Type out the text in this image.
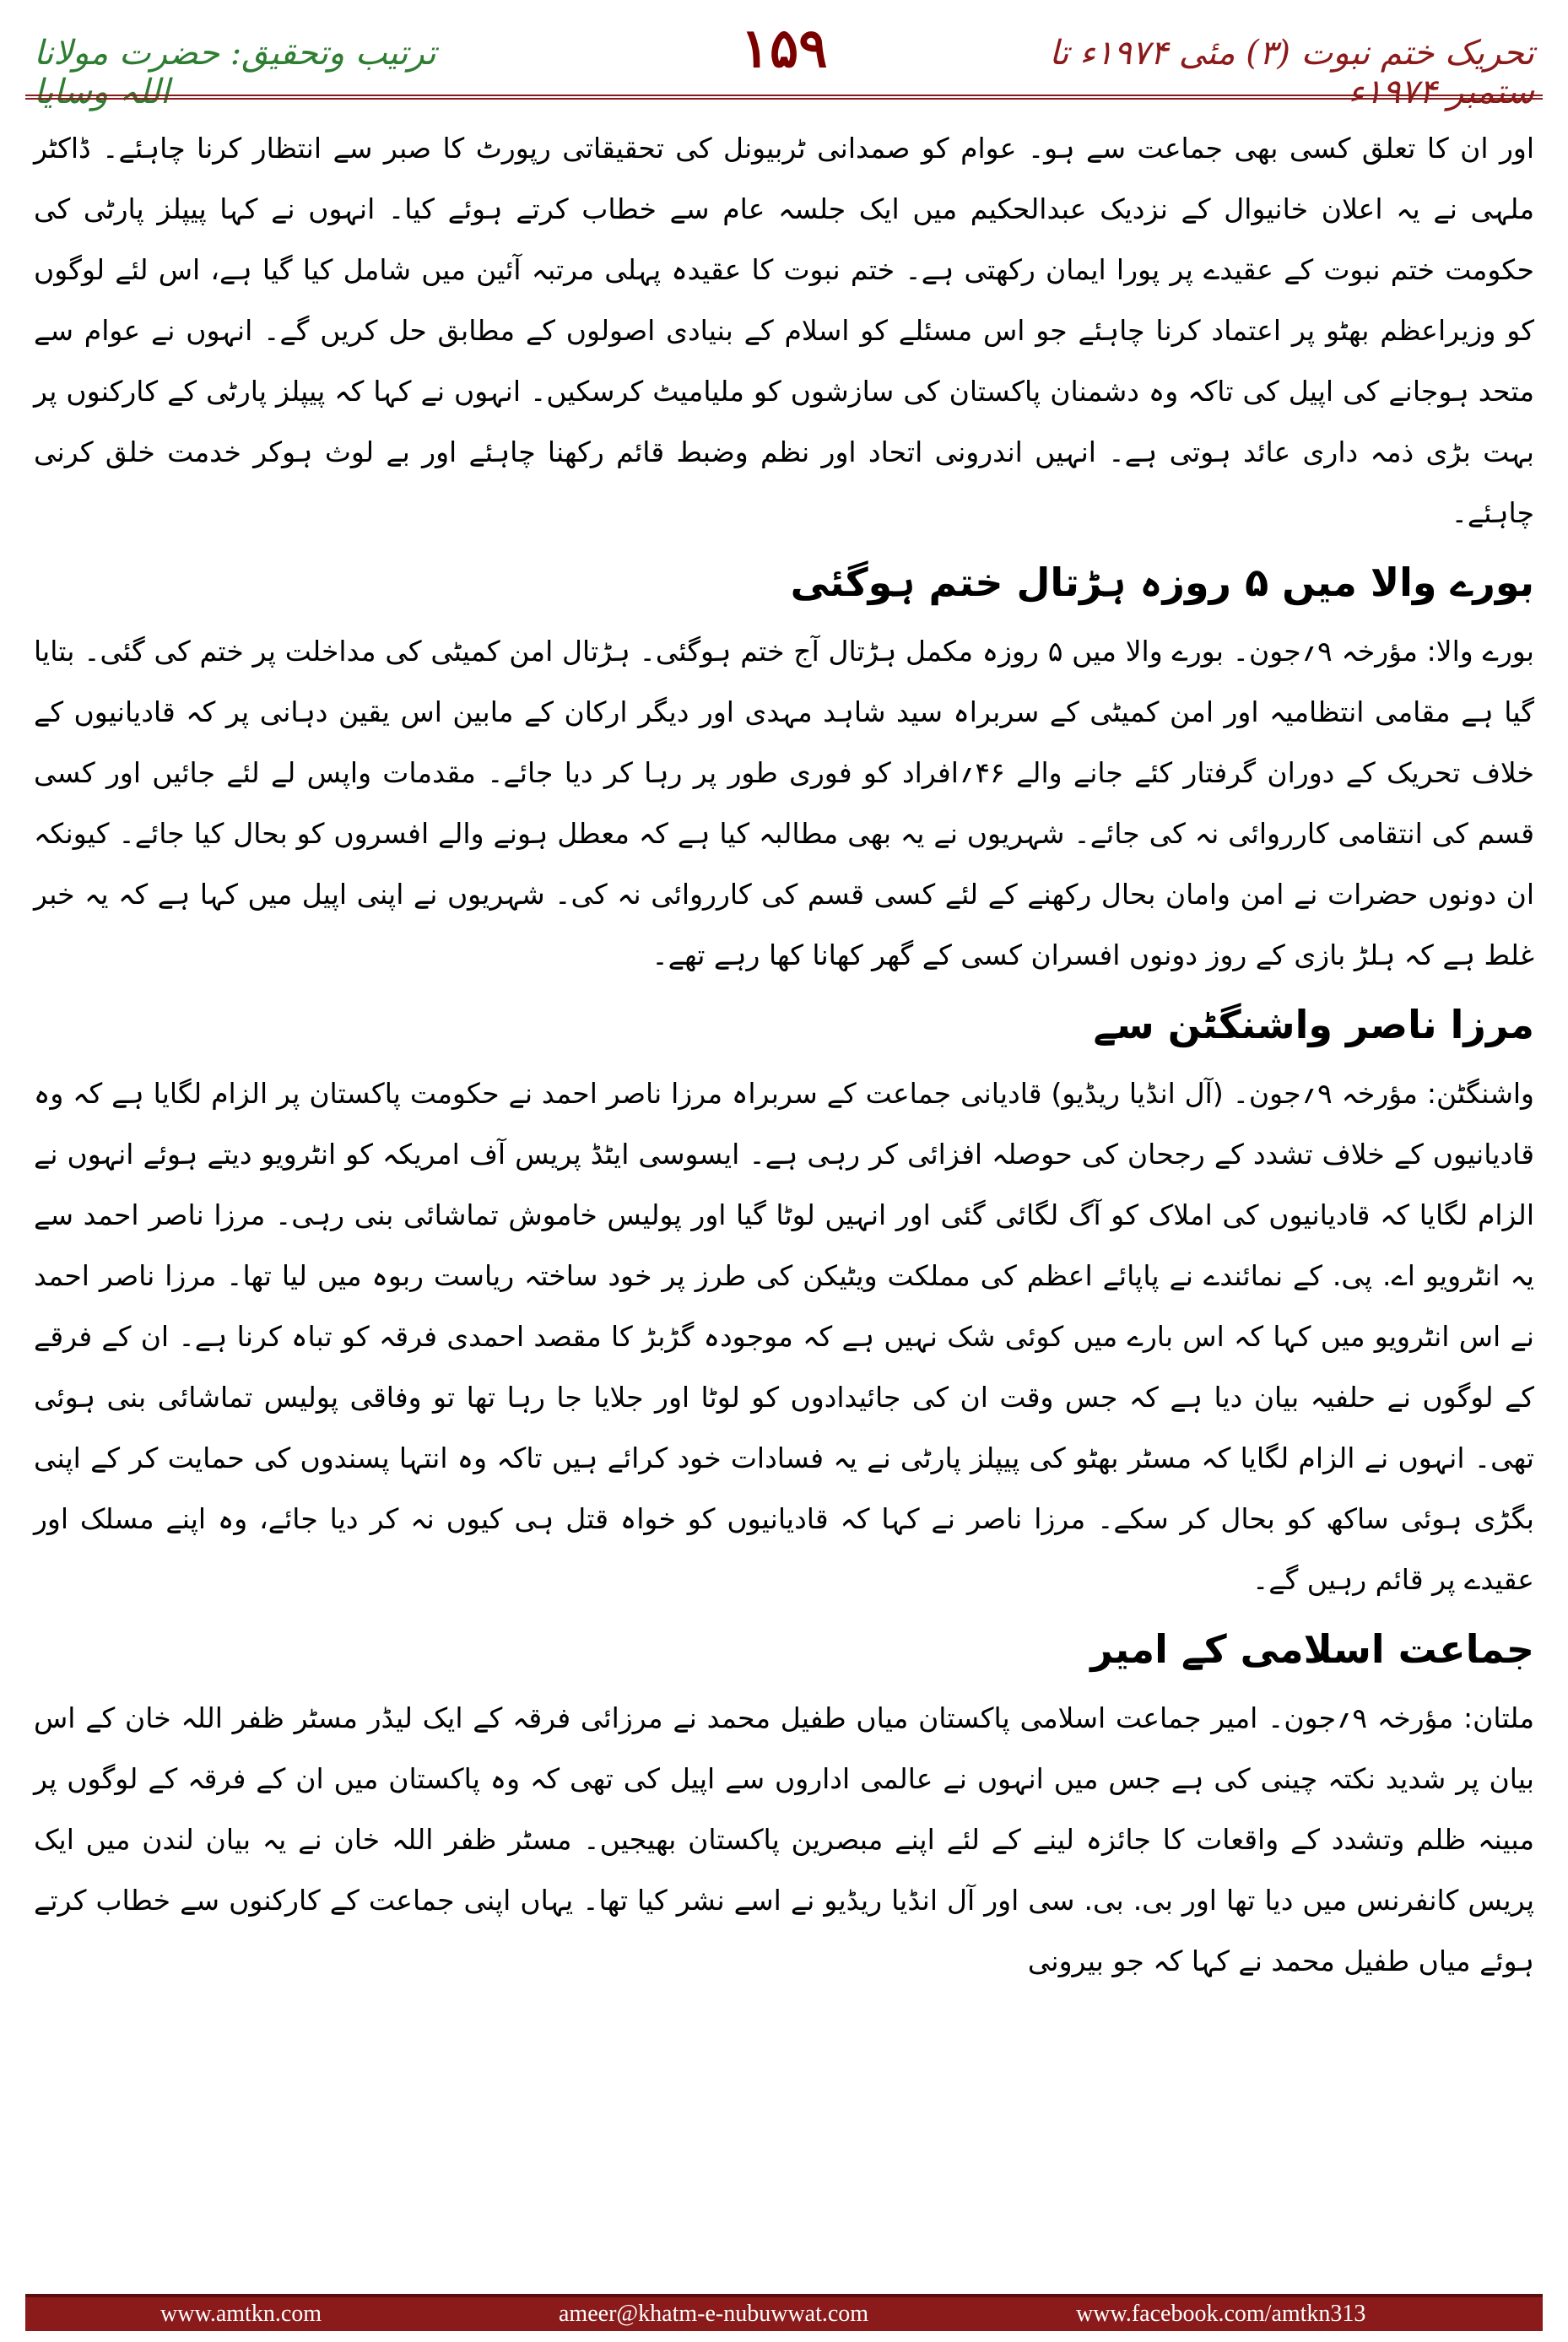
ترتیب وتحقیق: حضرت مولانا اللہ وسایا
۱۵۹	تحریک ختم نبوت (۳) مئی ۱۹۷۴ء تا ستمبر ۱۹۷۴ء

اور ان کا تعلق کسی بھی جماعت سے ہو۔ عوام کو صمدانی ٹربیونل کی تحقیقاتی رپورٹ کا صبر سے انتظار کرنا چاہئے۔ ڈاکٹر ملہی نے یہ اعلان خانیوال کے نزدیک عبدالحکیم میں ایک جلسہ عام سے خطاب کرتے ہوئے کیا۔ انہوں نے کہا پیپلز پارٹی کی حکومت ختم نبوت کے عقیدے پر پورا ایمان رکھتی ہے۔ ختم نبوت کا عقیدہ پہلی مرتبہ آئین میں شامل کیا گیا ہے، اس لئے لوگوں کو وزیراعظم بھٹو پر اعتماد کرنا چاہئے جو اس مسئلے کو اسلام کے بنیادی اصولوں کے مطابق حل کریں گے۔ انہوں نے عوام سے متحد ہوجانے کی اپیل کی تاکہ وہ دشمنان پاکستان کی سازشوں کو ملیامیٹ کرسکیں۔ انہوں نے کہا کہ پیپلز پارٹی کے کارکنوں پر بہت بڑی ذمہ داری عائد ہوتی ہے۔ انہیں اندرونی اتحاد اور نظم وضبط قائم رکھنا چاہئے اور بے لوث ہوکر خدمت خلق کرنی چاہئے۔

بورے والا میں ۵ روزہ ہڑتال ختم ہوگئی

بورے والا: مؤرخہ ۹؍جون۔ بورے والا میں ۵ روزہ مکمل ہڑتال آج ختم ہوگئی۔ ہڑتال امن کمیٹی کی مداخلت پر ختم کی گئی۔ بتایا گیا ہے مقامی انتظامیہ اور امن کمیٹی کے سربراہ سید شاہد مہدی اور دیگر ارکان کے مابین اس یقین دہانی پر کہ قادیانیوں کے خلاف تحریک کے دوران گرفتار کئے جانے والے ۴۶؍افراد کو فوری طور پر رہا کر دیا جائے۔ مقدمات واپس لے لئے جائیں اور کسی قسم کی انتقامی کارروائی نہ کی جائے۔ شہریوں نے یہ بھی مطالبہ کیا ہے کہ معطل ہونے والے افسروں کو بحال کیا جائے۔ کیونکہ ان دونوں حضرات نے امن وامان بحال رکھنے کے لئے کسی قسم کی کارروائی نہ کی۔ شہریوں نے اپنی اپیل میں کہا ہے کہ یہ خبر غلط ہے کہ ہلڑ بازی کے روز دونوں افسران کسی کے گھر کھانا کھا رہے تھے۔

مرزا ناصر واشنگٹن سے

واشنگٹن: مؤرخہ ۹؍جون۔ (آل انڈیا ریڈیو) قادیانی جماعت کے سربراہ مرزا ناصر احمد نے حکومت پاکستان پر الزام لگایا ہے کہ وہ قادیانیوں کے خلاف تشدد کے رجحان کی حوصلہ افزائی کر رہی ہے۔ ایسوسی ایٹڈ پریس آف امریکہ کو انٹرویو دیتے ہوئے انہوں نے الزام لگایا کہ قادیانیوں کی املاک کو آگ لگائی گئی اور انہیں لوٹا گیا اور پولیس خاموش تماشائی بنی رہی۔ مرزا ناصر احمد سے یہ انٹرویو اے. پی. کے نمائندے نے پاپائے اعظم کی مملکت ویٹیکن کی طرز پر خود ساختہ ریاست ربوہ میں لیا تھا۔ مرزا ناصر احمد نے اس انٹرویو میں کہا کہ اس بارے میں کوئی شک نہیں ہے کہ موجودہ گڑبڑ کا مقصد احمدی فرقہ کو تباہ کرنا ہے۔ ان کے فرقے کے لوگوں نے حلفیہ بیان دیا ہے کہ جس وقت ان کی جائیدادوں کو لوٹا اور جلایا جا رہا تھا تو وفاقی پولیس تماشائی بنی ہوئی تھی۔ انہوں نے الزام لگایا کہ مسٹر بھٹو کی پیپلز پارٹی نے یہ فسادات خود کرائے ہیں تاکہ وہ انتہا پسندوں کی حمایت کر کے اپنی بگڑی ہوئی ساکھ کو بحال کر سکے۔ مرزا ناصر نے کہا کہ قادیانیوں کو خواہ قتل ہی کیوں نہ کر دیا جائے، وہ اپنے مسلک اور عقیدے پر قائم رہیں گے۔

جماعت اسلامی کے امیر

ملتان: مؤرخہ ۹؍جون۔ امیر جماعت اسلامی پاکستان میاں طفیل محمد نے مرزائی فرقہ کے ایک لیڈر مسٹر ظفر اللہ خان کے اس بیان پر شدید نکتہ چینی کی ہے جس میں انہوں نے عالمی اداروں سے اپیل کی تھی کہ وہ پاکستان میں ان کے فرقہ کے لوگوں پر مبینہ ظلم وتشدد کے واقعات کا جائزہ لینے کے لئے اپنے مبصرین پاکستان بھیجیں۔ مسٹر ظفر اللہ خان نے یہ بیان لندن میں ایک پریس کانفرنس میں دیا تھا اور بی. بی. سی اور آل انڈیا ریڈیو نے اسے نشر کیا تھا۔ یہاں اپنی جماعت کے کارکنوں سے خطاب کرتے ہوئے میاں طفیل محمد نے کہا کہ جو بیرونی

www.amtkn.com	ameer@khatm-e-nubuwwat.com	www.facebook.com/amtkn313
